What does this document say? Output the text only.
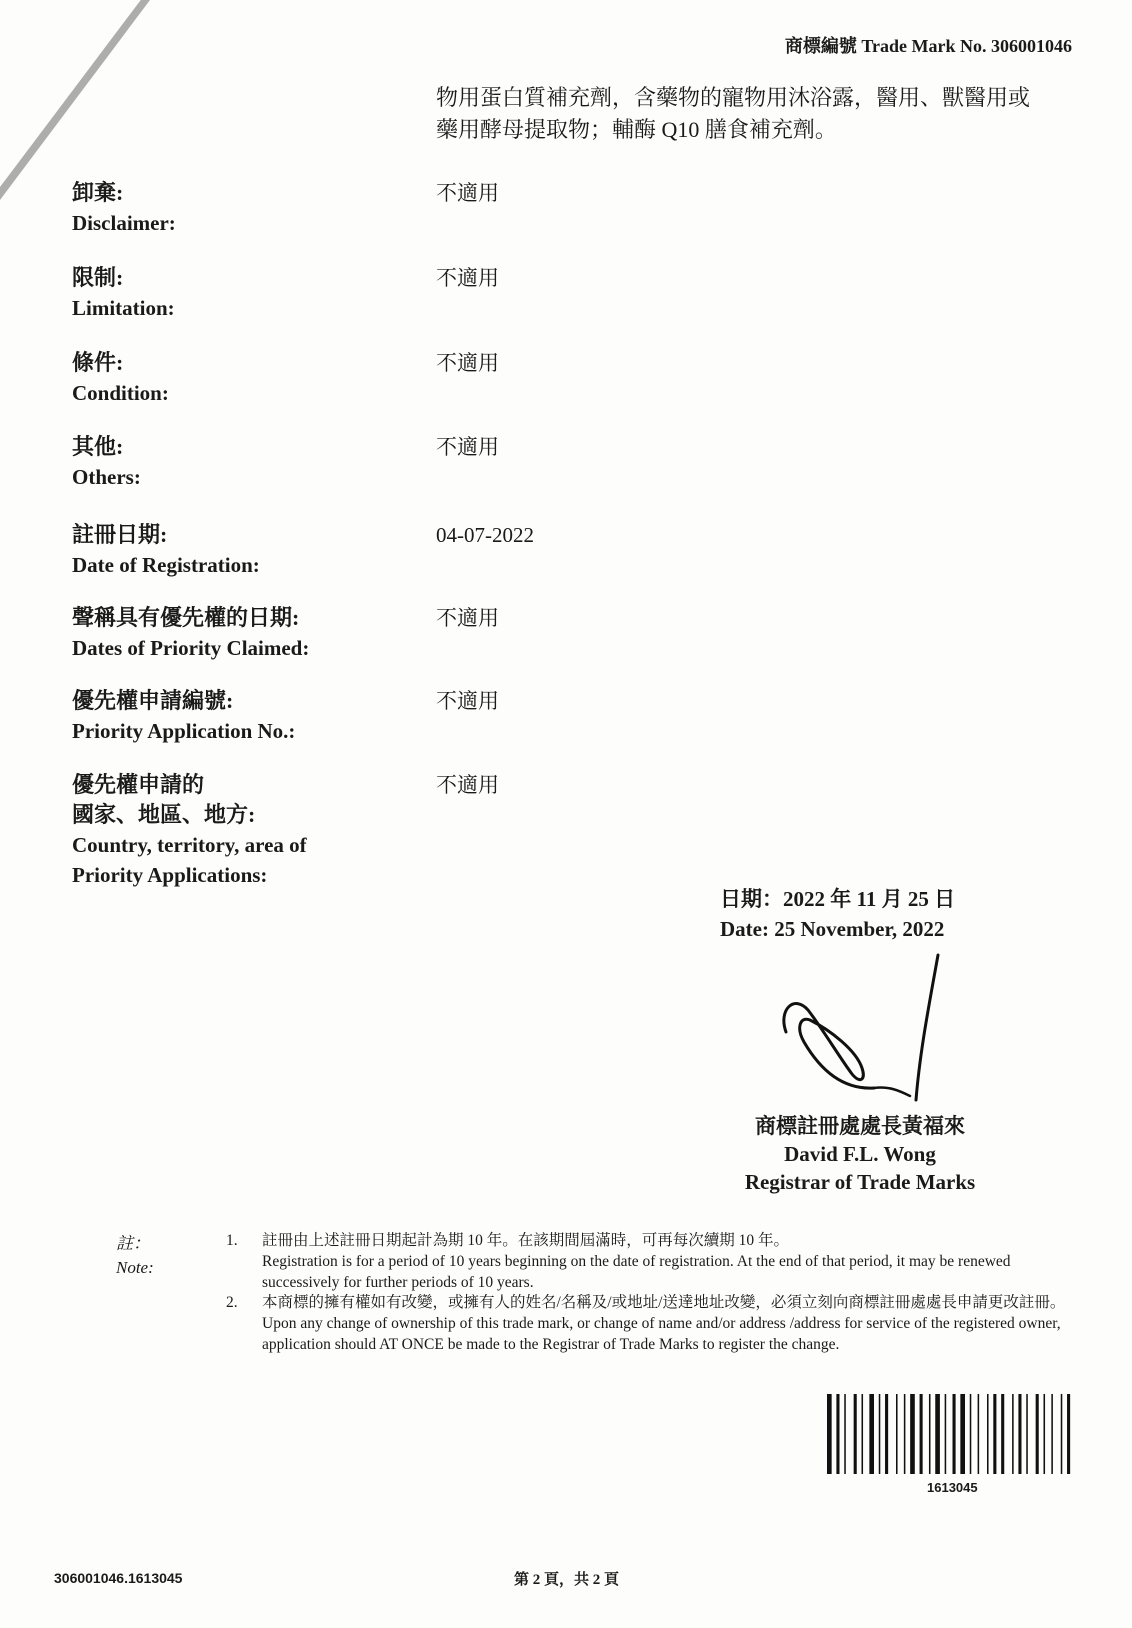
商標編號 Trade Mark No. 306001046
物用蛋白質補充劑，含藥物的寵物用沐浴露，醫用、獸醫用或
藥用酵母提取物；輔酶 Q10 膳食補充劑。
卸棄:
Disclaimer:
不適用
限制:
Limitation:
不適用
條件:
Condition:
不適用
其他:
Others:
不適用
註冊日期:
Date of Registration:
04-07-2022
聲稱具有優先權的日期:
Dates of Priority Claimed:
不適用
優先權申請編號:
Priority Application No.:
不適用
優先權申請的
國家、地區、地方:
Country, territory, area of
Priority Applications:
不適用
日期：2022 年 11 月 25 日
Date: 25 November, 2022
商標註冊處處長黃福來
David F.L. Wong
Registrar of Trade Marks
註：
Note:
1. 註冊由上述註冊日期起計為期 10 年。在該期間屆滿時，可再每次續期 10 年。
Registration is for a period of 10 years beginning on the date of registration. At the end of that period, it may be renewed successively for further periods of 10 years.
2. 本商標的擁有權如有改變，或擁有人的姓名/名稱及/或地址/送達地址改變，必須立刻向商標註冊處處長申請更改註冊。
Upon any change of ownership of this trade mark, or change of name and/or address /address for service of the registered owner, application should AT ONCE be made to the Registrar of Trade Marks to register the change.
1613045
306001046.1613045	第 2 頁，共 2 頁
